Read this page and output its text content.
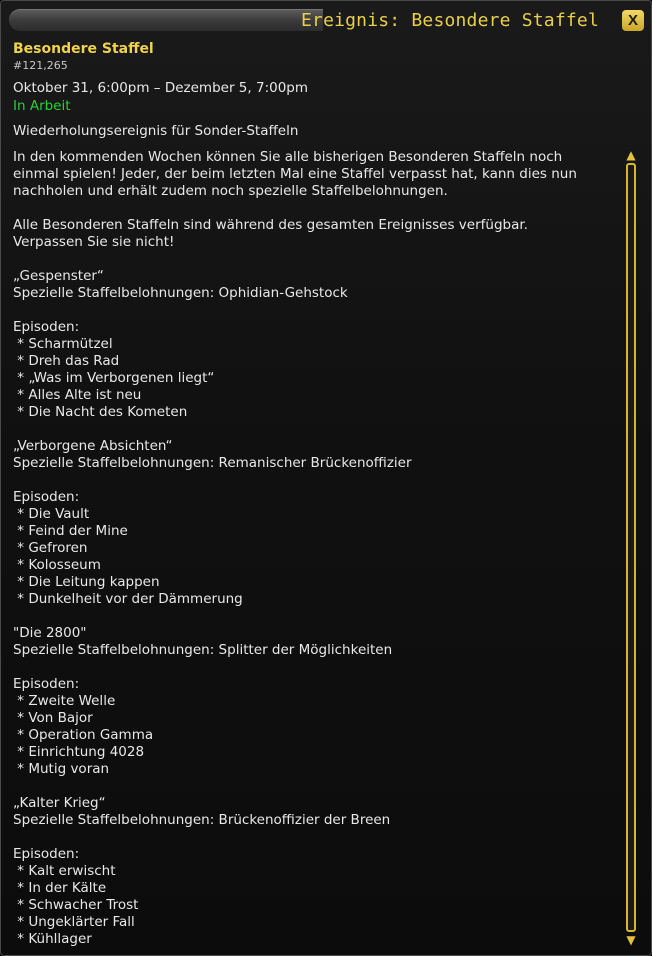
Ereignis: Besondere Staffel	X
Besondere Staffel
#121,265
Oktober 31, 6:00pm – Dezember 5, 7:00pm
In Arbeit
Wiederholungsereignis für Sonder-Staffeln
In den kommenden Wochen können Sie alle bisherigen Besonderen Staffeln noch
einmal spielen! Jeder, der beim letzten Mal eine Staffel verpasst hat, kann dies nun
nachholen und erhält zudem noch spezielle Staffelbelohnungen.

Alle Besonderen Staffeln sind während des gesamten Ereignisses verfügbar.
Verpassen Sie sie nicht!

„Gespenster“
Spezielle Staffelbelohnungen: Ophidian-Gehstock

Episoden:
* Scharmützel
* Dreh das Rad
* „Was im Verborgenen liegt“
* Alles Alte ist neu
* Die Nacht des Kometen

„Verborgene Absichten“
Spezielle Staffelbelohnungen: Remanischer Brückenoffizier

Episoden:
* Die Vault
* Feind der Mine
* Gefroren
* Kolosseum
* Die Leitung kappen
* Dunkelheit vor der Dämmerung

"Die 2800"
Spezielle Staffelbelohnungen: Splitter der Möglichkeiten

Episoden:
* Zweite Welle
* Von Bajor
* Operation Gamma
* Einrichtung 4028
* Mutig voran

„Kalter Krieg“
Spezielle Staffelbelohnungen: Brückenoffizier der Breen

Episoden:
* Kalt erwischt
* In der Kälte
* Schwacher Trost
* Ungeklärter Fall
* Kühllager
▲
▼
